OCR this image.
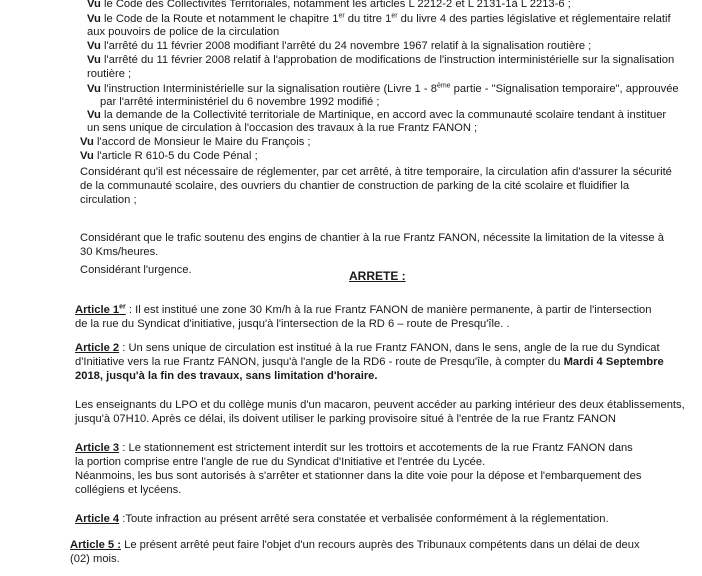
Vu le Code des Collectivités Territoriales, notamment les articles L 2212-2 et L 2131-1à L 2213-6 ;
Vu le Code de la Route et notamment le chapitre 1er du titre 1er du livre 4 des parties législative et réglementaire relatif
aux pouvoirs de police de la circulation
Vu l'arrêté du 11 février 2008 modifiant l'arrêté du 24 novembre 1967 relatif à la signalisation routière ;
Vu l'arrêté du 11 février 2008 relatif à l'approbation de modifications de l'instruction interministérielle sur la signalisation
routière ;
Vu l'instruction Interministérielle sur la signalisation routière (Livre 1 - 8ème partie - "Signalisation temporaire", approuvée
par l'arrêté interministériel du 6 novembre 1992 modifié ;
Vu la demande de la Collectivité territoriale de Martinique, en accord avec la communauté scolaire tendant à instituer
un sens unique de circulation à l'occasion des travaux à la rue Frantz FANON ;
Vu l'accord de Monsieur le Maire du François ;
Vu l'article R 610-5 du Code Pénal ;
Considérant qu'il est nécessaire de réglementer, par cet arrêté, à titre temporaire, la circulation afin d'assurer la sécurité
de la communauté scolaire, des ouvriers du chantier de construction de parking de la cité scolaire et fluidifier la
circulation ;
Considérant que le trafic soutenu des engins de chantier à la rue Frantz FANON, nécessite la limitation de la vitesse à
30 Kms/heures.
Considérant l'urgence.	ARRETE :
Article 1er : Il est institué une zone 30 Km/h à la rue Frantz FANON de manière permanente, à partir de l'intersection
de la rue du Syndicat d'initiative, jusqu'à l'intersection de la RD 6 – route de Presqu'île. .
Article 2 : Un sens unique de circulation est institué à la rue Frantz FANON, dans le sens, angle de la rue du Syndicat
d'Initiative vers la rue Frantz FANON, jusqu'à l'angle de la RD6 - route de Presqu'île, à compter du Mardi 4 Septembre
2018, jusqu'à la fin des travaux, sans limitation d'horaire.
Les enseignants du LPO et du collège munis d'un macaron, peuvent accéder au parking intérieur des deux établissements,
jusqu'à 07H10. Après ce délai, ils doivent utiliser le parking provisoire situé à l'entrée de la rue Frantz FANON
Article 3 : Le stationnement est strictement interdit sur les trottoirs et accotements de la rue Frantz FANON dans
la portion comprise entre l'angle de rue du Syndicat d'Initiative et l'entrée du Lycée.
Néanmoins, les bus sont autorisés à s'arrêter et stationner dans la dite voie pour la dépose et l'embarquement des
collégiens et lycéens.
Article 4 :Toute infraction au présent arrêté sera constatée et verbalisée conformément à la réglementation.
Article 5 : Le présent arrêté peut faire l'objet d'un recours auprès des Tribunaux compétents dans un délai de deux
(02) mois.
